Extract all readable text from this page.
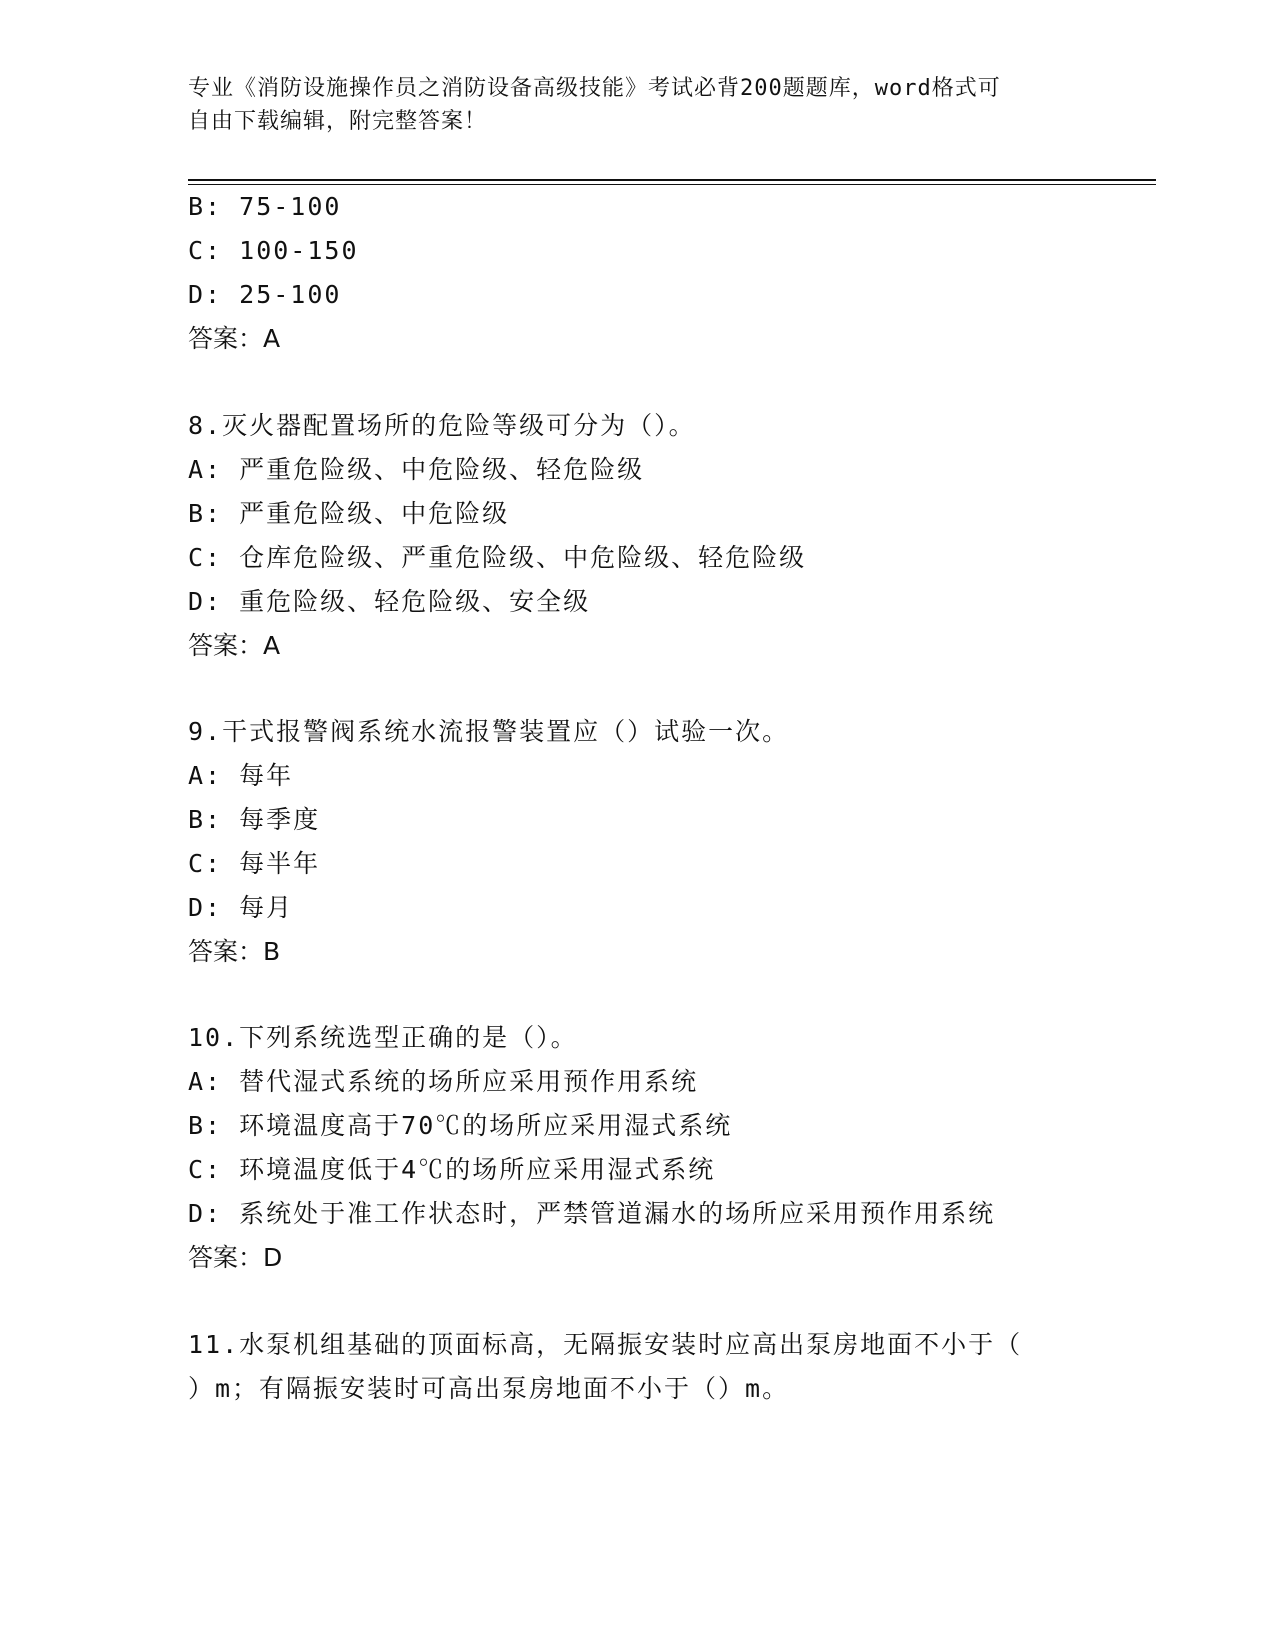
专业《消防设施操作员之消防设备高级技能》考试必背200题题库，word格式可
自由下载编辑，附完整答案！
B: 75-100
C: 100-150
D: 25-100
答案：A
8.灭火器配置场所的危险等级可分为（）。
A: 严重危险级、中危险级、轻危险级
B: 严重危险级、中危险级
C: 仓库危险级、严重危险级、中危险级、轻危险级
D: 重危险级、轻危险级、安全级
答案：A
9.干式报警阀系统水流报警装置应（）试验一次。
A: 每年
B: 每季度
C: 每半年
D: 每月
答案：B
10.下列系统选型正确的是（）。
A: 替代湿式系统的场所应采用预作用系统
B: 环境温度高于70℃的场所应采用湿式系统
C: 环境温度低于4℃的场所应采用湿式系统
D: 系统处于准工作状态时，严禁管道漏水的场所应采用预作用系统
答案：D
11.水泵机组基础的顶面标高，无隔振安装时应高出泵房地面不小于（
）m；有隔振安装时可高出泵房地面不小于（）m。
